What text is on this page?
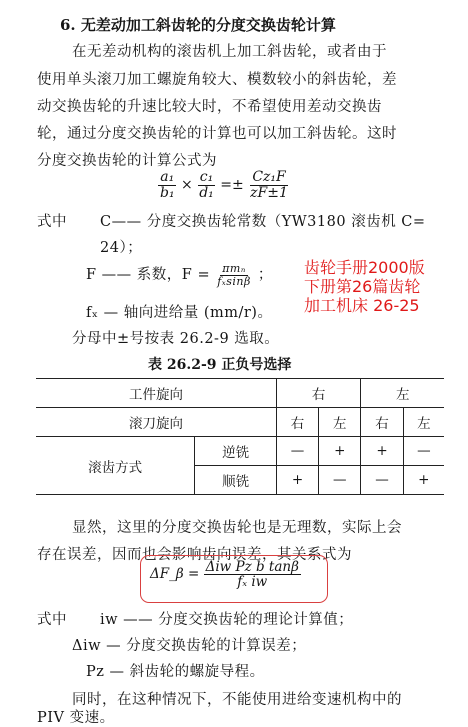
6. 无差动加工斜齿轮的分度交换齿轮计算
在无差动机构的滚齿机上加工斜齿轮，或者由于
使用单头滚刀加工螺旋角较大、模数较小的斜齿轮，差
动交换齿轮的升速比较大时，不希望使用差动交换齿
轮，通过分度交换齿轮的计算也可以加工斜齿轮。这时
分度交换齿轮的计算公式为
$\frac{\text{a₁}}{\text{b₁}} \times \frac{\text{c₁}}{\text{d₁}} =\pm \frac{\text{Cz₁F}}{zF\pm 1}$
式中 C—— 分度交换齿轮常数（YW3180 滚齿机 C=
24）；
F —— 系数，$F = \frac{\text{πmₙ}}{\text{fₓsinβ}}$ ；
fₓ — 轴向进给量 (mm/r)。
分母中±号按表 26.2-9 选取。
齿轮手册2000版
下册第26篇齿轮
加工机床 26-25
表 26.2-9 正负号选择
工件旋向		右		左	
滚刀旋向		右	左	右	左
滚齿方式	逆铣	—	+	+	—
	顺铣	+	—	—	+
显然，这里的分度交换齿轮也是无理数，实际上会
存在误差，因而也会影响齿向误差，其关系式为
ΔF_β = $\frac{\text{Δiw Pz b tanβ}}{\text{fₓ iw}}$
式中 iw —— 分度交换齿轮的理论计算值；
Δiw — 分度交换齿轮的计算误差；
Pz — 斜齿轮的螺旋导程。
同时，在这种情况下，不能使用进给变速机构中的
PIV 变速。
